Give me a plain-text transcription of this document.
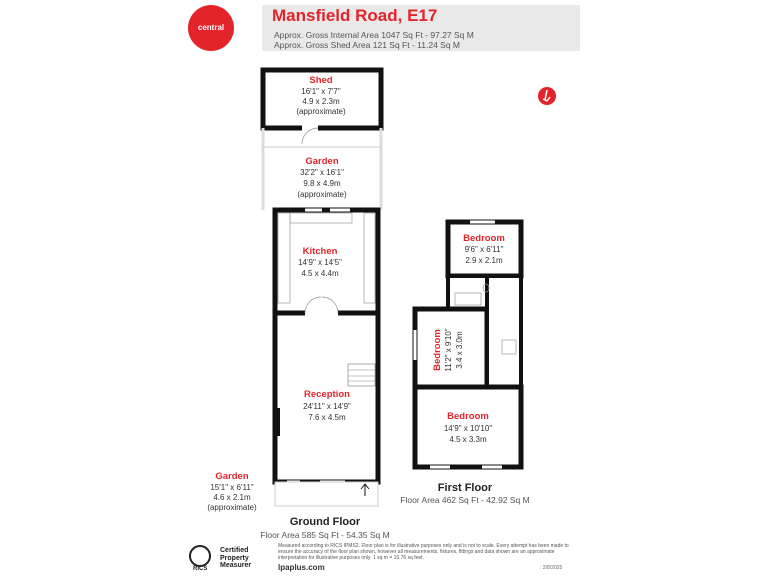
central
Mansfield Road, E17
Approx. Gross Internal Area 1047 Sq Ft - 97.27 Sq M
Approx. Gross Shed Area 121 Sq Ft - 11.24 Sq M
Shed
16'1" x 7'7"
4.9 x 2.3m
(approximate)
Garden
32'2" x 16'1"
9.8 x 4.9m
(approximate)
Kitchen
14'9" x 14'5"
4.5 x 4.4m
Reception
24'11" x 14'9"
7.6 x 4.5m
Garden
15'1" x 6'11"
4.6 x 2.1m
(approximate)
Bedroom
9'6" x 6'11"
2.9 x 2.1m
Bedroom 11'2" x 9'10" 3.4 x 3.0m
Bedroom
14'9" x 10'10"
4.5 x 3.3m
Ground Floor
Floor Area 585 Sq Ft - 54.35 Sq M
First Floor
Floor Area 462 Sq Ft - 42.92 Sq M
RICS
Certified
Property
Measurer
Measured according to RICS IPMS2. Floor plan is for illustrative purposes only and is not to scale. Every attempt has been made to ensure the accuracy of the floor plan shown, however all measurements, fixtures, fittings and data shown are an approximate interpretation for illustrative purposes only. 1 sq m = 10.76 sq feet.
lpaplus.com	: 2/8/2025
